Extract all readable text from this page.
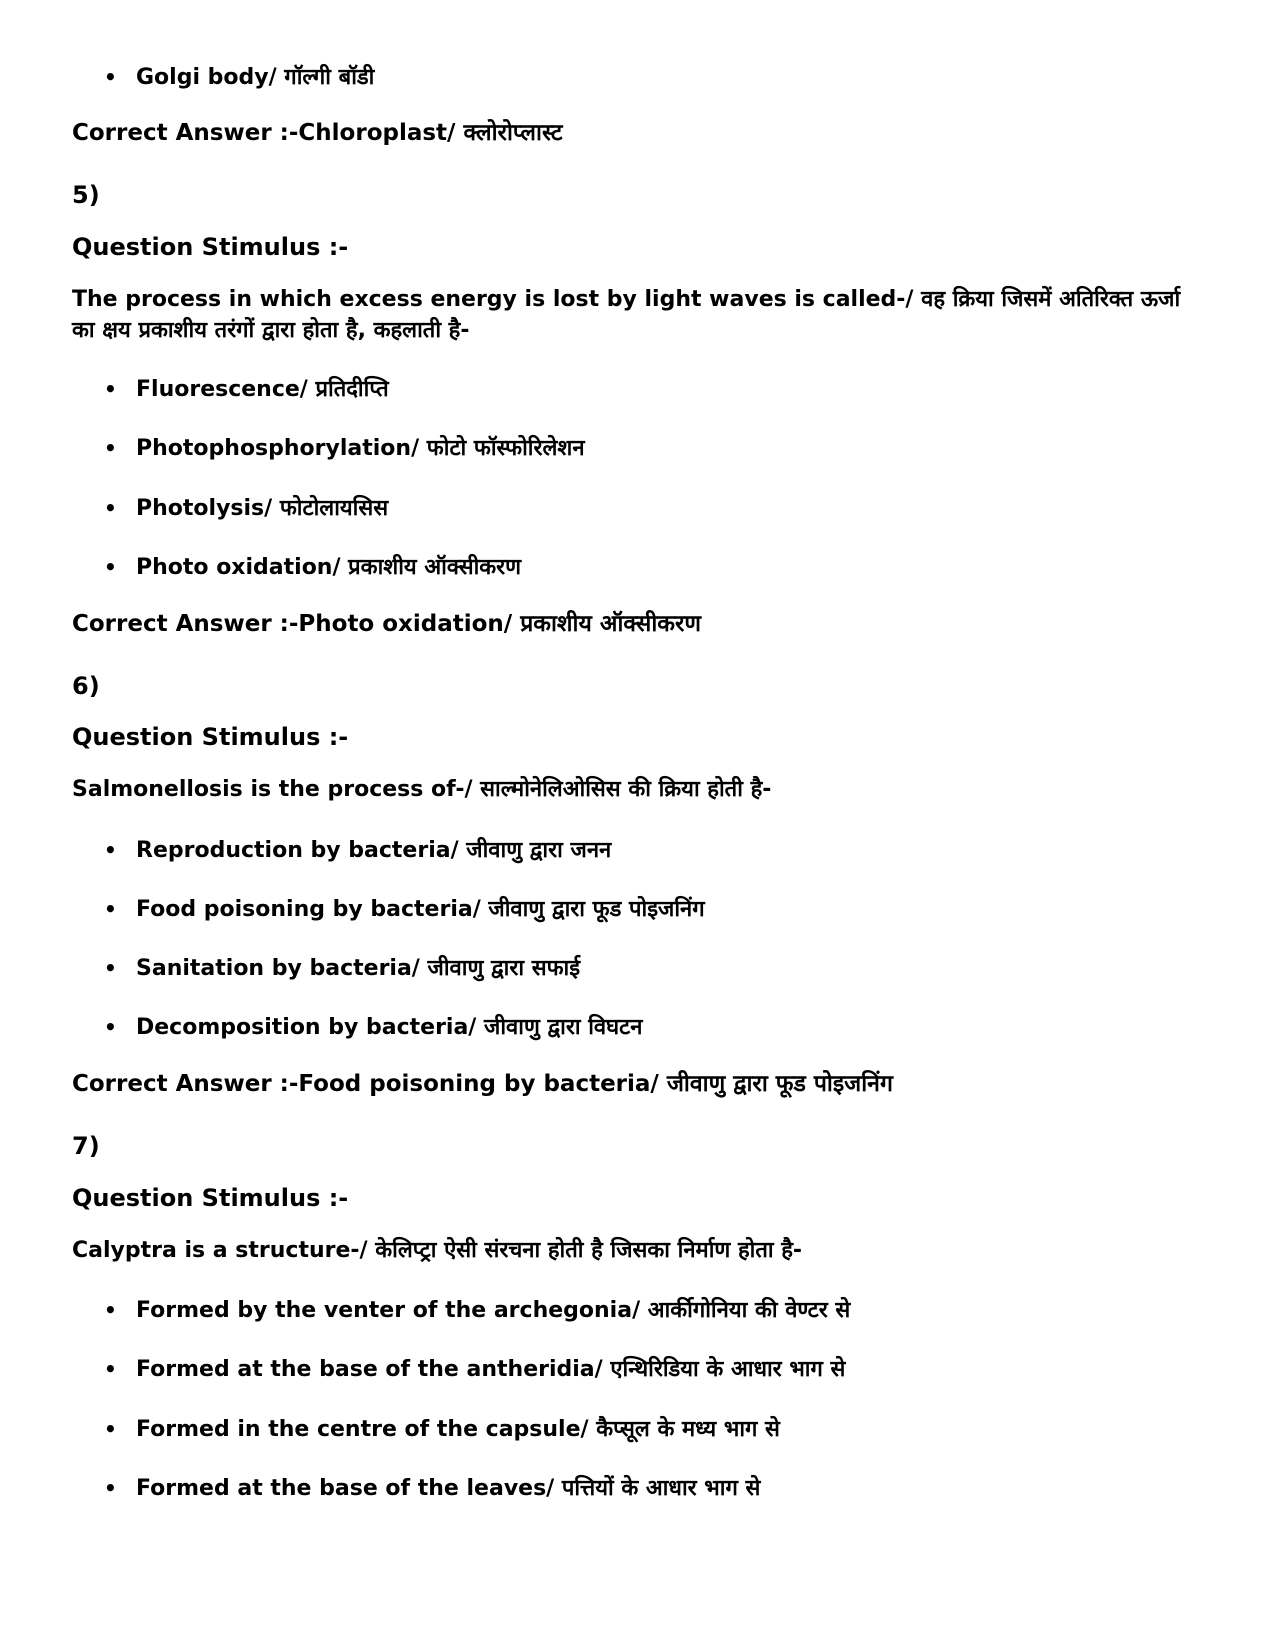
• Golgi body/ गॉल्गी बॉडी
Correct Answer :-Chloroplast/ क्लोरोप्लास्ट
5)
Question Stimulus :-
The process in which excess energy is lost by light waves is called-/ वह क्रिया जिसमें अतिरिक्त ऊर्जा का क्षय प्रकाशीय तरंगों द्वारा होता है, कहलाती है-
• Fluorescence/ प्रतिदीप्ति
• Photophosphorylation/ फोटो फॉस्फोरिलेशन
• Photolysis/ फोटोलायसिस
• Photo oxidation/ प्रकाशीय ऑक्सीकरण
Correct Answer :-Photo oxidation/ प्रकाशीय ऑक्सीकरण
6)
Question Stimulus :-
Salmonellosis is the process of-/ साल्मोनेलिओसिस की क्रिया होती है-
• Reproduction by bacteria/ जीवाणु द्वारा जनन
• Food poisoning by bacteria/ जीवाणु द्वारा फूड पोइजनिंग
• Sanitation by bacteria/ जीवाणु द्वारा सफाई
• Decomposition by bacteria/ जीवाणु द्वारा विघटन
Correct Answer :-Food poisoning by bacteria/ जीवाणु द्वारा फूड पोइजनिंग
7)
Question Stimulus :-
Calyptra is a structure-/ केलिप्ट्रा ऐसी संरचना होती है जिसका निर्माण होता है-
• Formed by the venter of the archegonia/ आर्कीगोनिया की वेण्टर से
• Formed at the base of the antheridia/ एन्थिरिडिया के आधार भाग से
• Formed in the centre of the capsule/ कैप्सूल के मध्य भाग से
• Formed at the base of the leaves/ पत्तियों के आधार भाग से
